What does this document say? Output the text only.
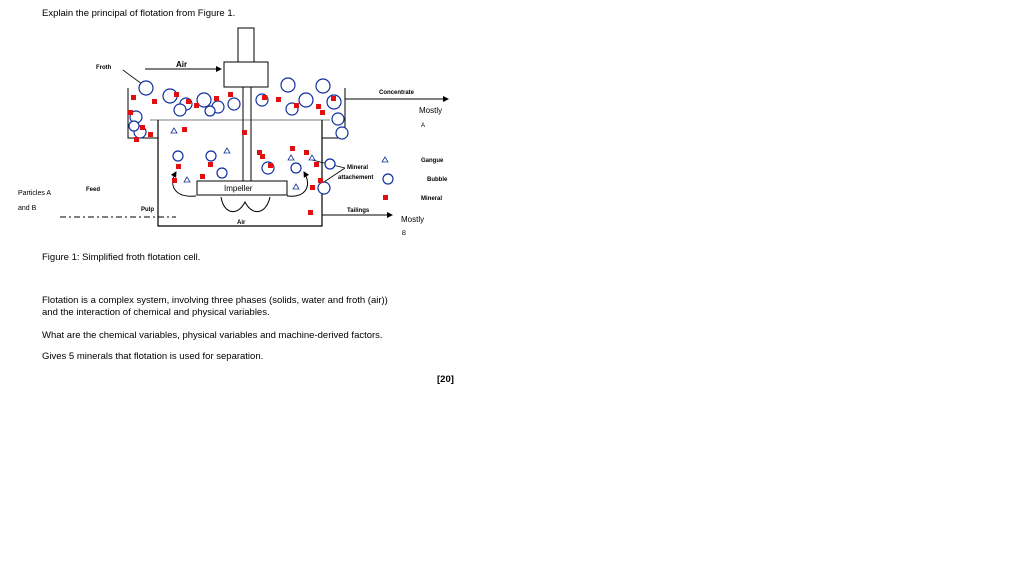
Explain the principal of flotation from Figure 1.
Froth	Air
Concentrate
Mostly
A
Gangue
Bubble
Mineral
Mineral
attachement
Particles A
and B
Feed
Pulp
Impeller
Air
Tailings
Mostly
B
Figure 1: Simplified froth flotation cell.
Flotation is a complex system, involving three phases (solids, water and froth (air))
and the interaction of chemical and physical variables.
What are the chemical variables, physical variables and machine-derived factors.
Gives 5 minerals that flotation is used for separation.
[20]
